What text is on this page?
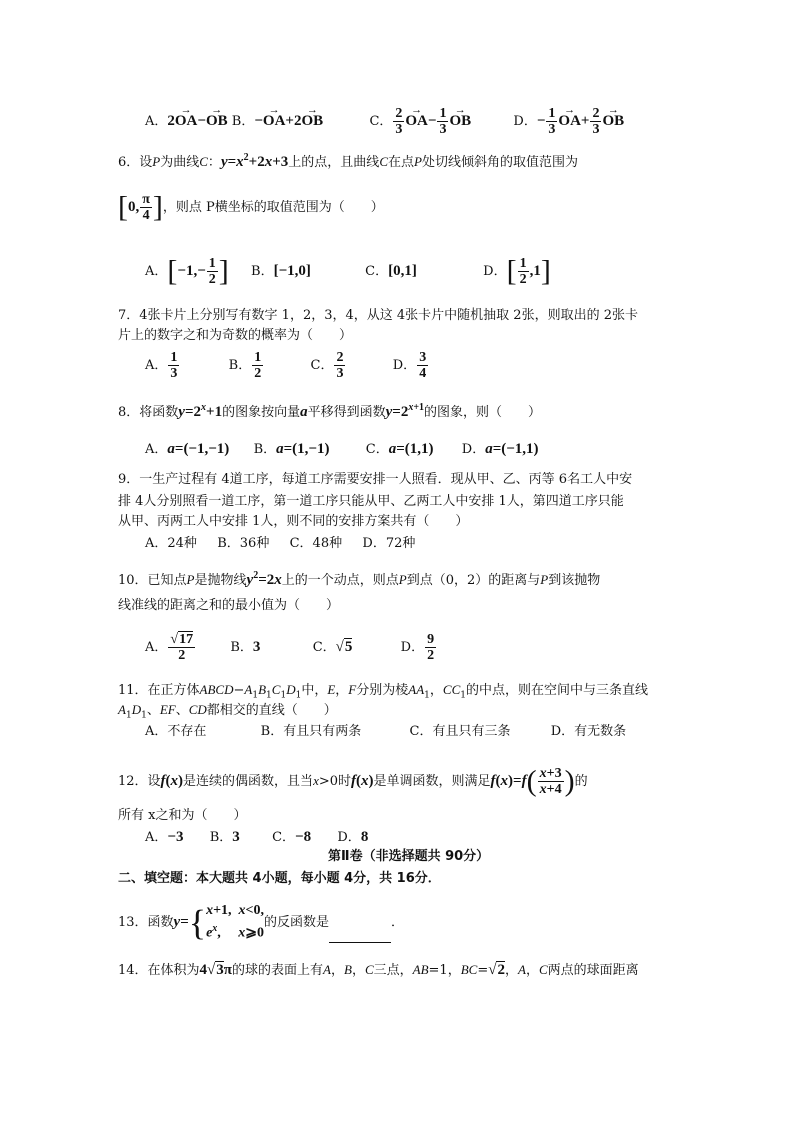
A．2→ OA−→ OB B．−→ OA+2→ OB	C． $\frac{2}{3}$
→ $OA- \frac{1}{3}$
→ OB	D．− $\frac{1}{3}$
→ $OA+ \frac{2}{3}$
→ OB
6．设P为曲线C：$y=x^2+2x+3$上的点，且曲线C在点P处切线倾斜角的取值范围为
[0, $\frac{\pi}{4}$ ]，则点 P横坐标的取值范围为（　　）
A．[$-1,- \frac{1}{2}$ ] B．[−1,0]	C．[0,1]	D．[ $\frac{1}{2} ,1$]
7．4张卡片上分别写有数字 1，2，3，4，从这 4张卡片中随机抽取 2张，则取出的 2张卡
片上的数字之和为奇数的概率为（　　）
A． $\frac{1}{3}$	B． $\frac{1}{2}$	C． $\frac{2}{3}$	D． $\frac{3}{4}$
8．将函数$y=2^x+1$的图象按向量a平移得到函数$y=2^{x+1}$的图象，则（　　）
A．a=(−1,−1) B．a=(1,−1)	C．a=(1,1) D．a=(−1,1)
9．一生产过程有 4道工序，每道工序需要安排一人照看．现从甲、乙、丙等 6名工人中安
排 4人分别照看一道工序，第一道工序只能从甲、乙两工人中安排 1人，第四道工序只能
从甲、丙两工人中安排 1人，则不同的安排方案共有（　　）
A．24种 B．36种 C．48种 D．72种
10．已知点P是抛物线$y^2=2x$上的一个动点，则点P到点（0，2）的距离与P到该抛物
线准线的距离之和的最小值为（　　）
A． $\frac{√17}{2}$	B．3	C．√5	D． $\frac{9}{2}$
11．在正方体$ABCD-A_1B_1C_1D_1$中，E，F分别为棱$AA_1$，$CC_1$的中点，则在空间中与三条直线
$A_1D_1$、EF、CD都相交的直线（　　）
A．不存在	B．有且只有两条	C．有且只有三条	D．有无数条
12．设f(x)是连续的偶函数，且当x>0时f(x)是单调函数，则满足$f(x)=f( \frac{x+3}{x+4}$ )的
所有 x之和为（　　）
A．−3 B．3 C．−8 D．8
第Ⅱ卷（非选择题共 90分）
二、填空题：本大题共 4小题，每小题 4分，共 16分．
13．函数y={ x+1,  x<0,
$e^x$,     x⩾0
的反函数是	．
14．在体积为4√3π的球的表面上有A，B，C三点，AB=1，BC=√2，A，C两点的球面距离
